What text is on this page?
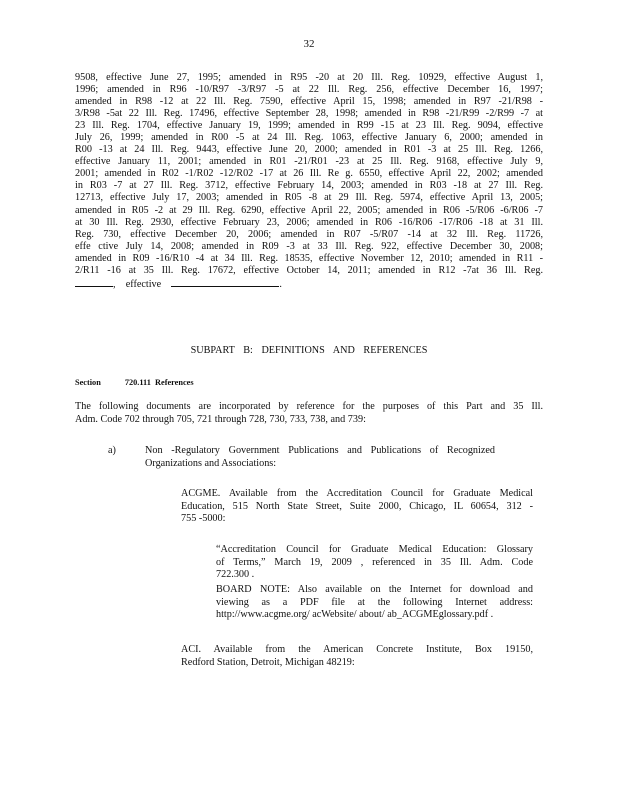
32
9508, effective June 27, 1995; amended in R95 -20 at 20 Ill. Reg. 10929, effective August 1,
1996; amended in R96 -10/R97 -3/R97 -5 at 22 Ill. Reg. 256, effective December 16, 1997;
amended in R98 -12 at 22 Ill. Reg. 7590, effective April 15, 1998; amended in R97 -21/R98 -
3/R98 -5at 22 Ill. Reg. 17496, effective September 28, 1998; amended in R98 -21/R99 -2/R99 -7 at
23 Ill. Reg. 1704, effective January 19, 1999; amended in R99 -15 at 23 Ill. Reg. 9094, effective
July 26, 1999; amended in R00 -5 at 24 Ill. Reg. 1063, effective January 6, 2000; amended in
R00 -13 at 24 Ill. Reg. 9443, effective June 20, 2000; amended in R01 -3 at 25 Ill. Reg. 1266,
effective January 11, 2001; amended in R01 -21/R01 -23 at 25 Ill. Reg. 9168, effective July 9,
2001; amended in R02 -1/R02 -12/R02 -17 at 26 Ill. Re g. 6550, effective April 22, 2002; amended
in R03 -7 at 27 Ill. Reg. 3712, effective February 14, 2003; amended in R03 -18 at 27 Ill. Reg.
12713, effective July 17, 2003; amended in R05 -8 at 29 Ill. Reg. 5974, effective April 13, 2005;
amended in R05 -2 at 29 Ill. Reg. 6290, effective April 22, 2005; amended in R06 -5/R06 -6/R06 -7
at 30 Ill. Reg. 2930, effective February 23, 2006; amended in R06 -16/R06 -17/R06 -18 at 31 Ill.
Reg. 730, effective December 20, 2006; amended in R07 -5/R07 -14 at 32 Ill. Reg. 11726,
effe ctive July 14, 2008; amended in R09 -3 at 33 Ill. Reg. 922, effective December 30, 2008;
amended in R09 -16/R10 -4 at 34 Ill. Reg. 18535, effective November 12, 2010; amended in R11 -
2/R11 -16 at 35 Ill. Reg. 17672, effective October 14, 2011; amended in R12 -7at 36 Ill. Reg.
, effective	.
SUBPART B: DEFINITIONS AND REFERENCES
Section	720.111 References
The following documents are incorporated by reference for the purposes of this Part and 35 Ill.
Adm. Code 702 through 705, 721 through 728, 730, 733, 738, and 739:
a)	Non -Regulatory Government Publications and Publications of Recognized
Organizations and Associations:
ACGME. Available from the Accreditation Council for Graduate Medical
Education, 515 North State Street, Suite 2000, Chicago, IL 60654, 312 -
755 -5000:
“Accreditation Council for Graduate Medical Education: Glossary
of Terms,” March 19, 2009 , referenced in 35 Ill. Adm. Code
722.300 .
BOARD NOTE: Also available on the Internet for download and
viewing as a PDF file at the following Internet address:
http://www.acgme.org/ acWebsite/ about/ ab_ACGMEglossary.pdf .
ACI. Available from the American Concrete Institute, Box 19150,
Redford Station, Detroit, Michigan 48219:
